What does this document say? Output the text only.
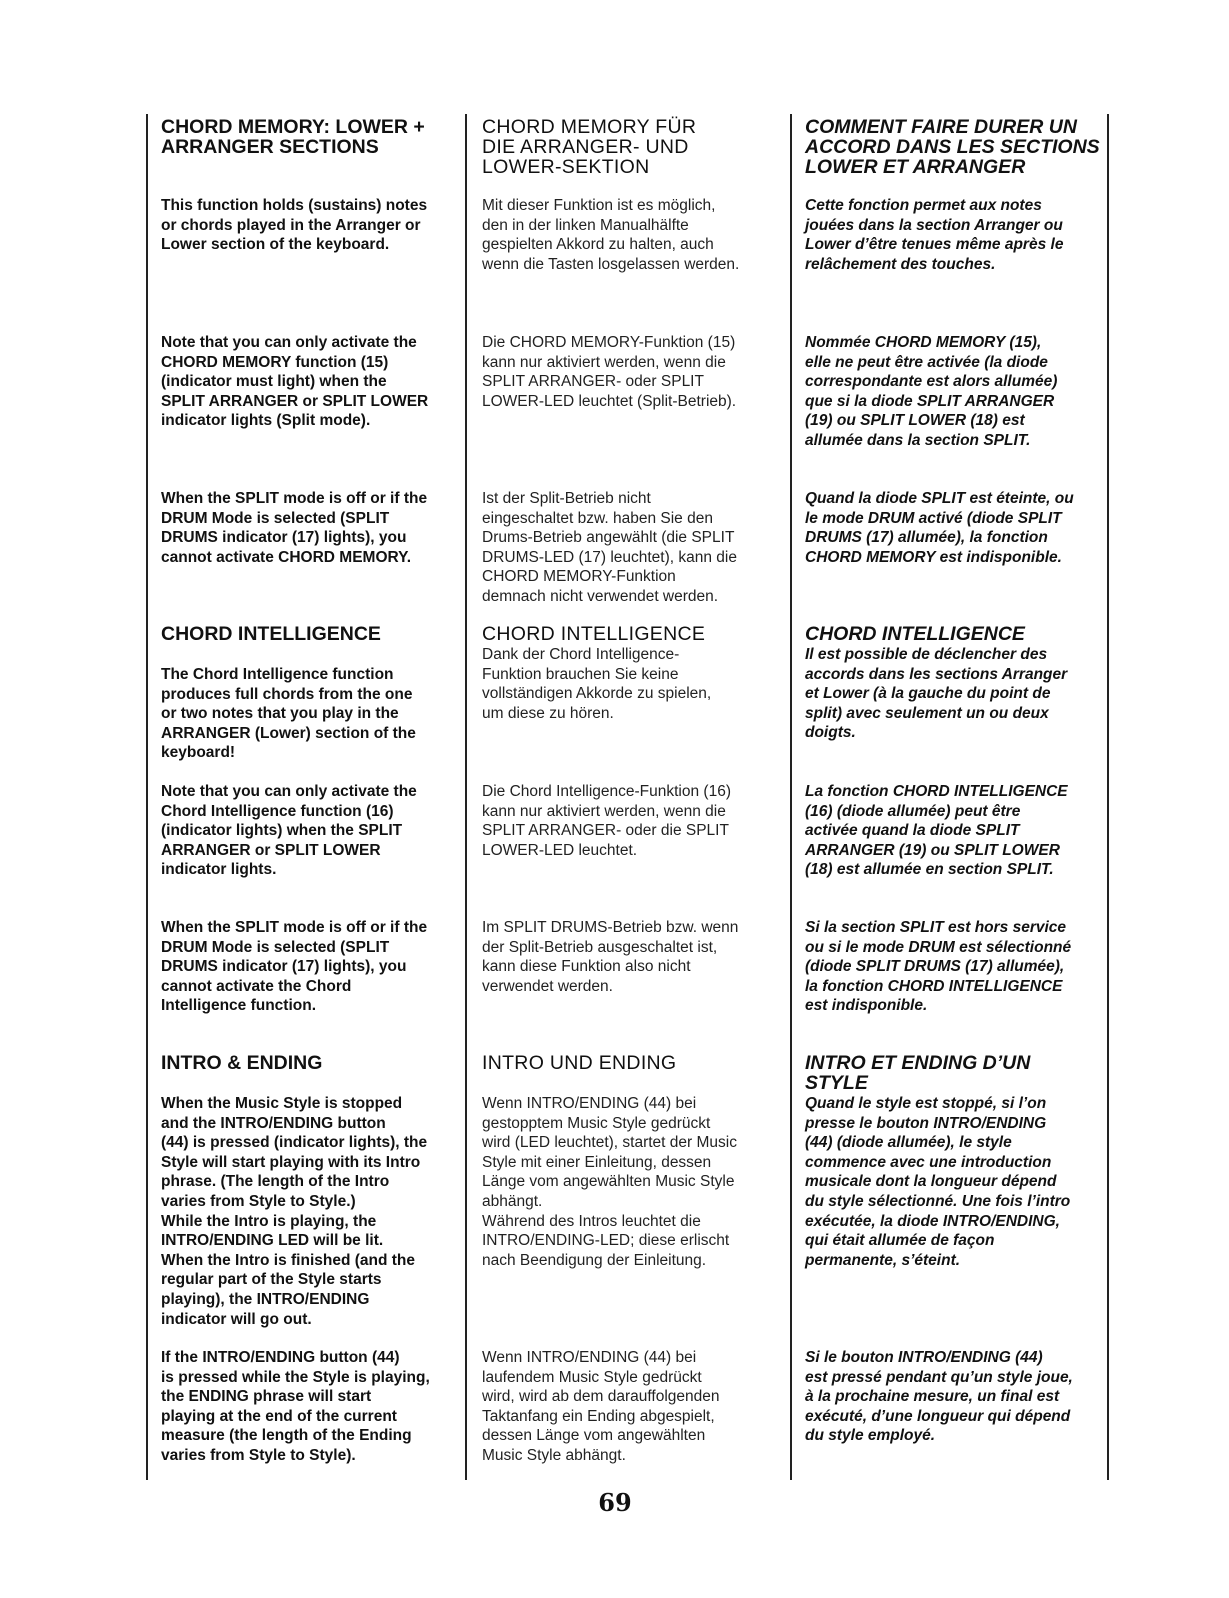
CHORD MEMORY: LOWER + ARRANGER SECTIONS

This function holds (sustains) notes
or chords played in the Arranger or
Lower section of the keyboard.

Note that you can only activate the
CHORD MEMORY function (15)
(indicator must light) when the
SPLIT ARRANGER or SPLIT LOWER
indicator lights (Split mode).

When the SPLIT mode is off or if the
DRUM Mode is selected (SPLIT
DRUMS indicator (17) lights), you
cannot activate CHORD MEMORY.

CHORD INTELLIGENCE

The Chord Intelligence function
produces full chords from the one
or two notes that you play in the
ARRANGER (Lower) section of the
keyboard!

Note that you can only activate the
Chord Intelligence function (16)
(indicator lights) when the SPLIT
ARRANGER or SPLIT LOWER
indicator lights.

When the SPLIT mode is off or if the
DRUM Mode is selected (SPLIT
DRUMS indicator (17) lights), you
cannot activate the Chord
Intelligence function.

INTRO & ENDING

When the Music Style is stopped
and the INTRO/ENDING button
(44) is pressed (indicator lights), the
Style will start playing with its Intro
phrase. (The length of the Intro
varies from Style to Style.)
While the Intro is playing, the
INTRO/ENDING LED will be lit.
When the Intro is finished (and the
regular part of the Style starts
playing), the INTRO/ENDING
indicator will go out.

If the INTRO/ENDING button (44)
is pressed while the Style is playing,
the ENDING phrase will start
playing at the end of the current
measure (the length of the Ending
varies from Style to Style).

CHORD MEMORY FÜR
DIE ARRANGER- UND
LOWER-SEKTION

Mit dieser Funktion ist es möglich,
den in der linken Manualhälfte
gespielten Akkord zu halten, auch
wenn die Tasten losgelassen werden.

Die CHORD MEMORY-Funktion (15)
kann nur aktiviert werden, wenn die
SPLIT ARRANGER- oder SPLIT
LOWER-LED leuchtet (Split-Betrieb).

Ist der Split-Betrieb nicht
eingeschaltet bzw. haben Sie den
Drums-Betrieb angewählt (die SPLIT
DRUMS-LED (17) leuchtet), kann die
CHORD MEMORY-Funktion
demnach nicht verwendet werden.

CHORD INTELLIGENCE

Dank der Chord Intelligence-
Funktion brauchen Sie keine
vollständigen Akkorde zu spielen,
um diese zu hören.

Die Chord Intelligence-Funktion (16)
kann nur aktiviert werden, wenn die
SPLIT ARRANGER- oder die SPLIT
LOWER-LED leuchtet.

Im SPLIT DRUMS-Betrieb bzw. wenn
der Split-Betrieb ausgeschaltet ist,
kann diese Funktion also nicht
verwendet werden.

INTRO UND ENDING

Wenn INTRO/ENDING (44) bei
gestopptem Music Style gedrückt
wird (LED leuchtet), startet der Music
Style mit einer Einleitung, dessen
Länge vom angewählten Music Style
abhängt.
Während des Intros leuchtet die
INTRO/ENDING-LED; diese erlischt
nach Beendigung der Einleitung.

Wenn INTRO/ENDING (44) bei
laufendem Music Style gedrückt
wird, wird ab dem darauffolgenden
Taktanfang ein Ending abgespielt,
dessen Länge vom angewählten
Music Style abhängt.

COMMENT FAIRE DURER UN
ACCORD DANS LES SECTIONS
LOWER ET ARRANGER

Cette fonction permet aux notes
jouées dans la section Arranger ou
Lower d’être tenues même après le
relâchement des touches.

Nommée CHORD MEMORY (15),
elle ne peut être activée (la diode
correspondante est alors allumée)
que si la diode SPLIT ARRANGER
(19) ou SPLIT LOWER (18) est
allumée dans la section SPLIT.

Quand la diode SPLIT est éteinte, ou
le mode DRUM activé (diode SPLIT
DRUMS (17) allumée), la fonction
CHORD MEMORY est indisponible.

CHORD INTELLIGENCE

Il est possible de déclencher des
accords dans les sections Arranger
et Lower (à la gauche du point de
split) avec seulement un ou deux
doigts.

La fonction CHORD INTELLIGENCE
(16) (diode allumée) peut être
activée quand la diode SPLIT
ARRANGER (19) ou SPLIT LOWER
(18) est allumée en section SPLIT.

Si la section SPLIT est hors service
ou si le mode DRUM est sélectionné
(diode SPLIT DRUMS (17) allumée),
la fonction CHORD INTELLIGENCE
est indisponible.

INTRO ET ENDING D’UN
STYLE

Quand le style est stoppé, si l’on
presse le bouton INTRO/ENDING
(44) (diode allumée), le style
commence avec une introduction
musicale dont la longueur dépend
du style sélectionné. Une fois l’intro
exécutée, la diode INTRO/ENDING,
qui était allumée de façon
permanente, s’éteint.

Si le bouton INTRO/ENDING (44)
est pressé pendant qu’un style joue,
à la prochaine mesure, un final est
exécuté, d’une longueur qui dépend
du style employé.

69
